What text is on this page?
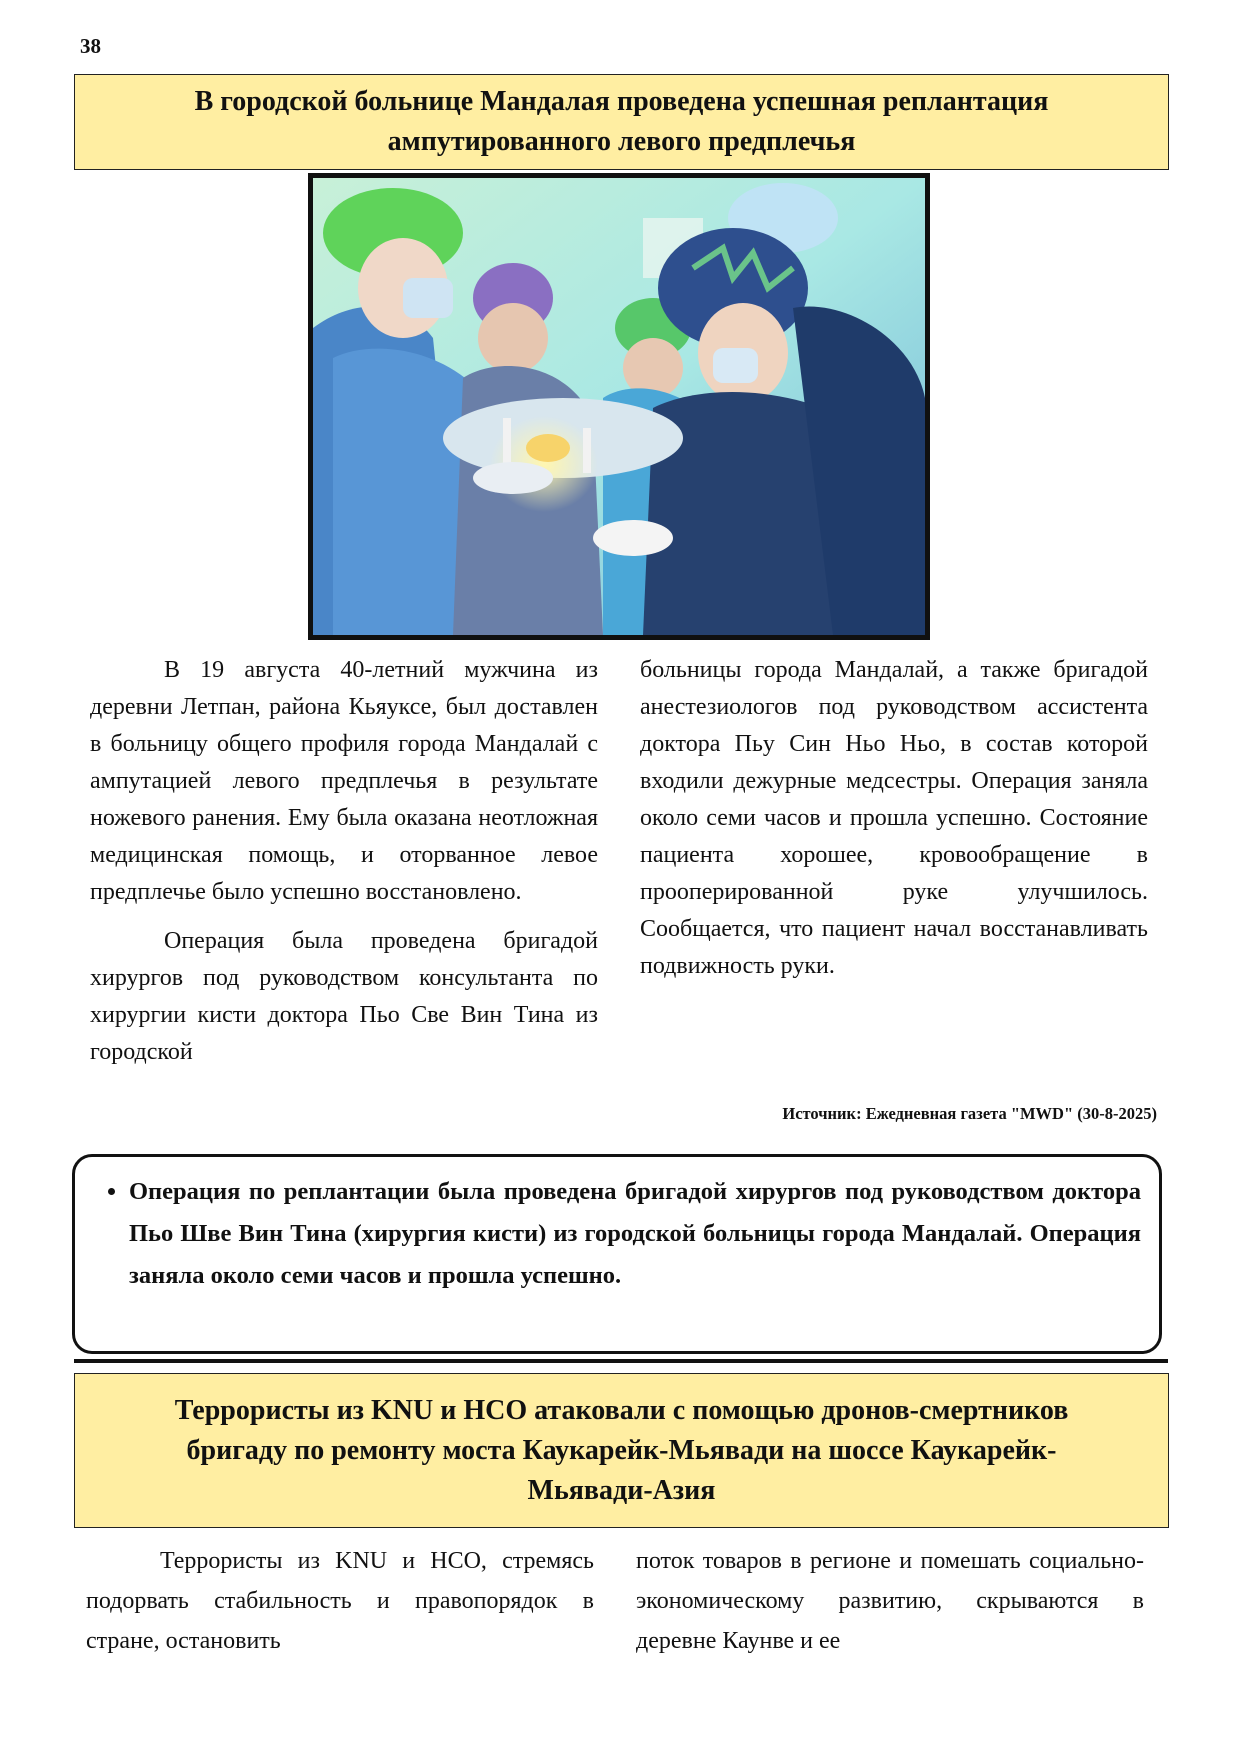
38
В городской больнице Мандалая проведена успешная реплантация ампутированного левого предплечья

В 19 августа 40-летний мужчина из деревни Летпан, района Кьяуксе, был доставлен в больницу общего профиля города Мандалай с ампутацией левого предплечья в результате ножевого ранения. Ему была оказана неотложная медицинская помощь, и оторванное левое предплечье было успешно восстановлено.

Операция была проведена бригадой хирургов под руководством консультанта по хирургии кисти доктора Пьо Све Вин Тина из городской

больницы города Мандалай, а также бригадой анестезиологов под руководством ассистента доктора Пьу Син Ньо Ньо, в состав которой входили дежурные медсестры. Операция заняла около семи часов и прошла успешно. Состояние пациента хорошее, кровообращение в прооперированной руке улучшилось. Сообщается, что пациент начал восстанавливать подвижность руки.

Источник: Ежедневная газета "MWD" (30-8-2025)
• Операция по реплантации была проведена бригадой хирургов под руководством доктора Пьо Шве Вин Тина (хирургия кисти) из городской больницы города Мандалай. Операция заняла около семи часов и прошла успешно.
Террористы из KNU и HCO атаковали с помощью дронов-смертников бригаду по ремонту моста Каукарейк-Мьявади на шоссе Каукарейк-Мьявади-Азия

Террористы из KNU и HCO, стремясь подорвать стабильность и правопорядок в стране, остановить

поток товаров в регионе и помешать социально-экономическому развитию, скрываются в деревне Каунве и ее
